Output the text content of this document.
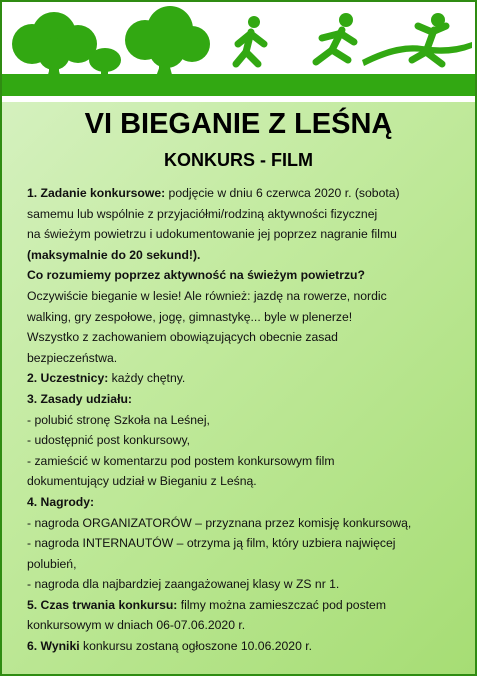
VI BIEGANIE Z LEŚNĄ
KONKURS - FILM
1. Zadanie konkursowe: podjęcie w dniu 6 czerwca 2020 r. (sobota)
samemu lub wspólnie z przyjaciółmi/rodziną aktywności fizycznej
na świeżym powietrzu i udokumentowanie jej poprzez nagranie filmu
(maksymalnie do 20 sekund!).
Co rozumiemy poprzez aktywność na świeżym powietrzu?
Oczywiście bieganie w lesie! Ale również: jazdę na rowerze, nordic
walking, gry zespołowe, jogę, gimnastykę... byle w plenerze!
Wszystko z zachowaniem obowiązujących obecnie zasad
bezpieczeństwa.
2. Uczestnicy: każdy chętny.
3. Zasady udziału:
- polubić stronę Szkoła na Leśnej,
- udostępnić post konkursowy,
- zamieścić w komentarzu pod postem konkursowym film
dokumentujący udział w Bieganiu z Leśną.
4. Nagrody:
- nagroda ORGANIZATORÓW – przyznana przez komisję konkursową,
- nagroda INTERNAUTÓW – otrzyma ją film, który uzbiera najwięcej
polubień,
- nagroda dla najbardziej zaangażowanej klasy w ZS nr 1.
5. Czas trwania konkursu: filmy można zamieszczać pod postem
konkursowym w dniach 06-07.06.2020 r.
6. Wyniki konkursu zostaną ogłoszone 10.06.2020 r.
